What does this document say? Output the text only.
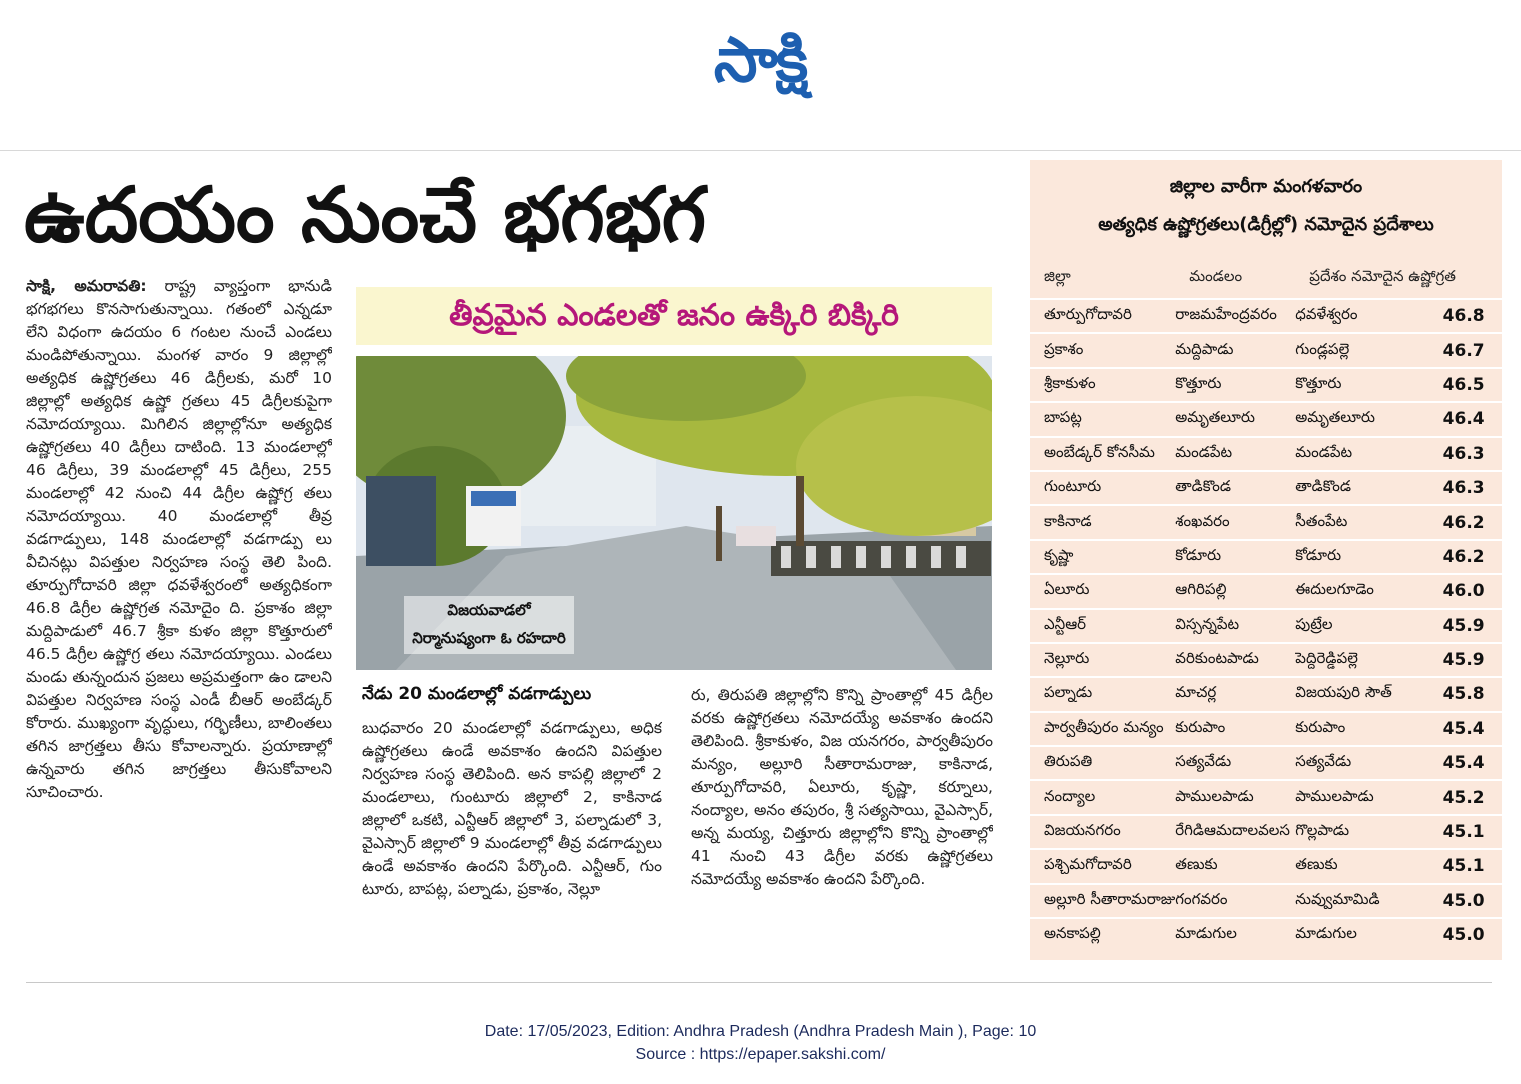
సాక్షి
ఉదయం నుంచే భగభగ
సాక్షి, అమరావతి: రాష్ట్ర వ్యాప్తంగా భానుడి భగభగలు కొనసాగుతున్నాయి. గతంలో ఎన్నడూ లేని విధంగా ఉదయం 6 గంటల నుంచే ఎండలు మండిపోతున్నాయి. మంగళ వారం 9 జిల్లాల్లో అత్యధిక ఉష్ణోగ్రతలు 46 డిగ్రీలకు, మరో 10 జిల్లాల్లో అత్యధిక ఉష్ణో గ్రతలు 45 డిగ్రీలకుపైగా నమోదయ్యాయి. మిగిలిన జిల్లాల్లోనూ అత్యధిక ఉష్ణోగ్రతలు 40 డిగ్రీలు దాటింది. 13 మండలాల్లో 46 డిగ్రీలు, 39 మండలాల్లో 45 డిగ్రీలు, 255 మండలాల్లో 42 నుంచి 44 డిగ్రీల ఉష్ణోగ్ర తలు నమోదయ్యాయి. 40 మండలాల్లో తీవ్ర వడగాడ్పులు, 148 మండలాల్లో వడగాడ్పు లు వీచినట్లు విపత్తుల నిర్వహణ సంస్థ తెలి పింది. తూర్పుగోదావరి జిల్లా ధవళేశ్వరంలో అత్యధికంగా 46.8 డిగ్రీల ఉష్ణోగ్రత నమోదైం ది. ప్రకాశం జిల్లా మద్దిపాడులో 46.7 శ్రీకా కుళం జిల్లా కొత్తూరులో 46.5 డిగ్రీల ఉష్ణోగ్ర తలు నమోదయ్యాయి. ఎండలు మండు తున్నందున ప్రజలు అప్రమత్తంగా ఉం డాలని విపత్తుల నిర్వహణ సంస్థ ఎండీ బీఆర్ అంబేడ్కర్ కోరారు. ముఖ్యంగా వృద్ధులు, గర్భిణీలు, బాలింతలు తగిన జాగ్రత్తలు తీసు కోవాలన్నారు. ప్రయాణాల్లో ఉన్నవారు తగిన జాగ్రత్తలు తీసుకోవాలని సూచించారు.
తీవ్రమైన ఎండలతో జనం ఉక్కిరి బిక్కిరి
విజయవాడలో
నిర్మానుష్యంగా ఓ రహదారి
నేడు 20 మండలాల్లో వడగాడ్పులు
బుధవారం 20 మండలాల్లో వడగాడ్పులు, అధిక ఉష్ణోగ్రతలు ఉండే అవకాశం ఉందని విపత్తుల నిర్వహణ సంస్థ తెలిపింది. అన కాపల్లి జిల్లాలో 2 మండలాలు, గుంటూరు జిల్లాలో 2, కాకినాడ జిల్లాలో ఒకటి, ఎన్టీఆర్ జిల్లాలో 3, పల్నాడులో 3, వైఎస్సార్ జిల్లాలో 9 మండలాల్లో తీవ్ర వడగాడ్పులు ఉండే అవకాశం ఉందని పేర్కొంది. ఎన్టీఆర్, గుం టూరు, బాపట్ల, పల్నాడు, ప్రకాశం, నెల్లూ
రు, తిరుపతి జిల్లాల్లోని కొన్ని ప్రాంతాల్లో 45 డిగ్రీల వరకు ఉష్ణోగ్రతలు నమోదయ్యే అవకాశం ఉందని తెలిపింది. శ్రీకాకుళం, విజ యనగరం, పార్వతీపురం మన్యం, అల్లూరి సీతారామరాజు, కాకినాడ, తూర్పుగోదావరి, ఏలూరు, కృష్ణా, కర్నూలు, నంద్యాల, అనం తపురం, శ్రీ సత్యసాయి, వైఎస్సార్, అన్న మయ్య, చిత్తూరు జిల్లాల్లోని కొన్ని ప్రాంతాల్లో 41 నుంచి 43 డిగ్రీల వరకు ఉష్ణోగ్రతలు నమోదయ్యే అవకాశం ఉందని పేర్కొంది.
జిల్లాల వారీగా మంగళవారం
అత్యధిక ఉష్ణోగ్రతలు(డిగ్రీల్లో) నమోదైన ప్రదేశాలు
జిల్లా	మండలం	ప్రదేశం నమోదైన ఉష్ణోగ్రత	
తూర్పుగోదావరి	రాజమహేంద్రవరం	ధవళేశ్వరం	46.8
ప్రకాశం	మద్దిపాడు	గుండ్లపల్లె	46.7
శ్రీకాకుళం	కొత్తూరు	కొత్తూరు	46.5
బాపట్ల	అమృతలూరు	అమృతలూరు	46.4
అంబేడ్కర్ కోనసీమ	మండపేట	మండపేట	46.3
గుంటూరు	తాడికొండ	తాడికొండ	46.3
కాకినాడ	శంఖవరం	సీతంపేట	46.2
కృష్ణా	కోడూరు	కోడూరు	46.2
ఏలూరు	ఆగిరిపల్లి	ఈదులగూడెం	46.0
ఎన్టీఆర్	విస్సన్నపేట	పుట్రేల	45.9
నెల్లూరు	వరికుంటపాడు	పెద్దిరెడ్డిపల్లె	45.9
పల్నాడు	మాచర్ల	విజయపురి సౌత్	45.8
పార్వతీపురం మన్యం	కురుపాం	కురుపాం	45.4
తిరుపతి	సత్యవేడు	సత్యవేడు	45.4
నంద్యాల	పాములపాడు	పాములపాడు	45.2
విజయనగరం	రేగిడిఆమదాలవలస	గొల్లపాడు	45.1
పశ్చిమగోదావరి	తణుకు	తణుకు	45.1
అల్లూరి సీతారామరాజు	గంగవరం	నువ్వుమామిడి	45.0
అనకాపల్లి	మాడుగుల	మాడుగుల	45.0
Date: 17/05/2023, Edition: Andhra Pradesh (Andhra Pradesh Main ), Page: 10
Source : https://epaper.sakshi.com/
